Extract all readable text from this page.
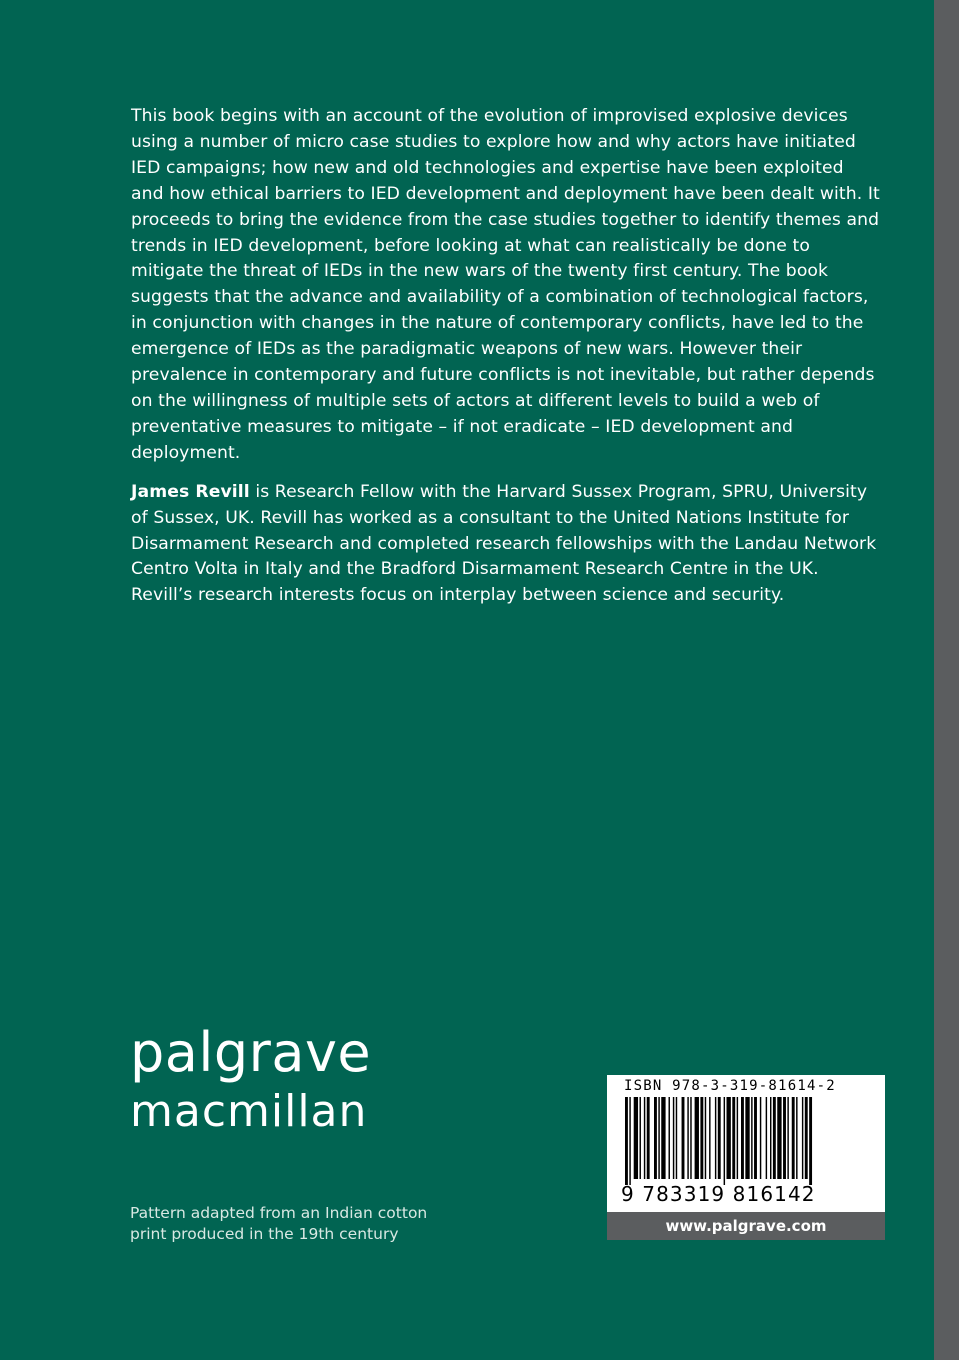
This book begins with an account of the evolution of improvised explosive devices using a number of micro case studies to explore how and why actors have initiated IED campaigns; how new and old technologies and expertise have been exploited and how ethical barriers to IED development and deployment have been dealt with. It proceeds to bring the evidence from the case studies together to identify themes and trends in IED development, before looking at what can realistically be done to mitigate the threat of IEDs in the new wars of the twenty first century. The book suggests that the advance and availability of a combination of technological factors, in conjunction with changes in the nature of contemporary conflicts, have led to the emergence of IEDs as the paradigmatic weapons of new wars. However their prevalence in contemporary and future conflicts is not inevitable, but rather depends on the willingness of multiple sets of actors at different levels to build a web of preventative measures to mitigate – if not eradicate – IED development and deployment.

James Revill is Research Fellow with the Harvard Sussex Program, SPRU, University of Sussex, UK. Revill has worked as a consultant to the United Nations Institute for Disarmament Research and completed research fellowships with the Landau Network Centro Volta in Italy and the Bradford Disarmament Research Centre in the UK. Revill’s research interests focus on interplay between science and security.

palgrave
macmillan
Pattern adapted from an Indian cotton
print produced in the 19th century
ISBN 978-3-319-81614-2
9 783319 816142
www.palgrave.com
